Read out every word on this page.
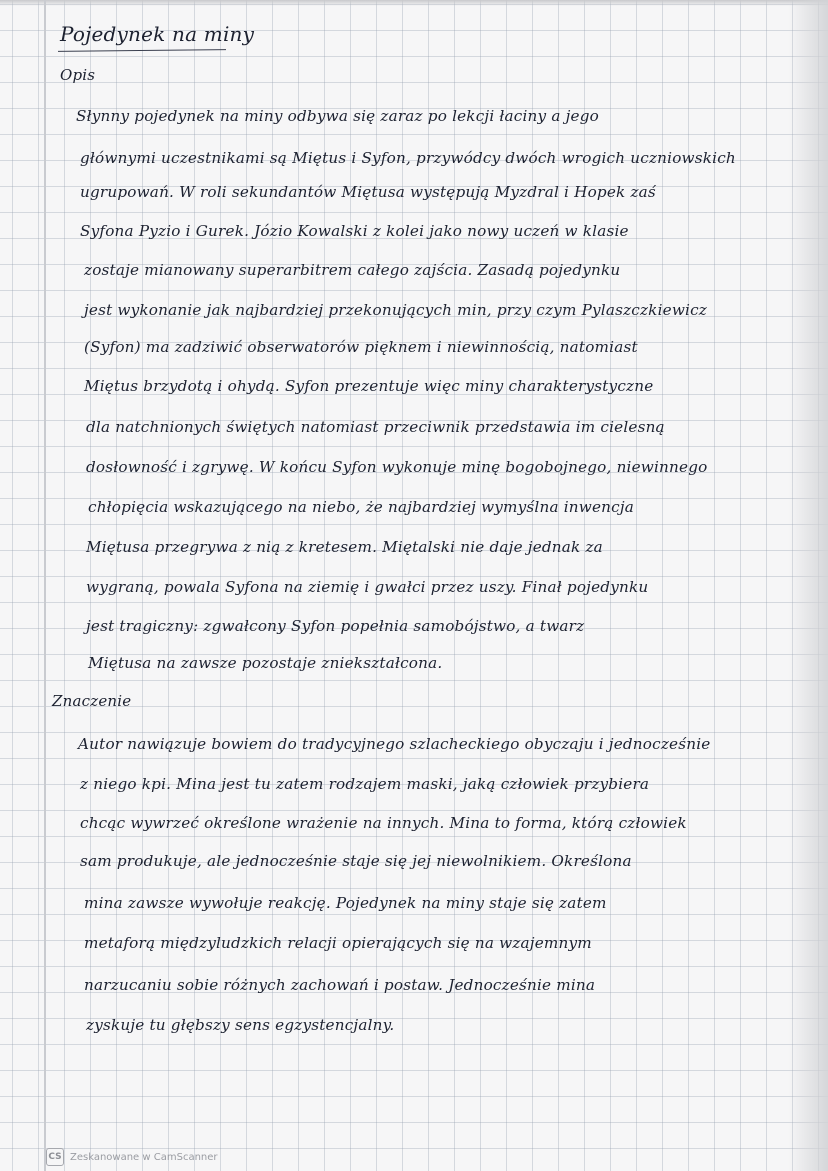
Pojedynek na miny
Opis
Słynny pojedynek na miny odbywa się zaraz po lekcji łaciny a jego
głównymi uczestnikami są Miętus i Syfon, przywódcy dwóch wrogich uczniowskich
ugrupowań. W roli sekundantów Miętusa występują Myzdral i Hopek zaś
Syfona Pyzio i Gurek. Józio Kowalski z kolei jako nowy uczeń w klasie
zostaje mianowany superarbitrem całego zajścia. Zasadą pojedynku
jest wykonanie jak najbardziej przekonujących min, przy czym Pylaszczkiewicz
(Syfon) ma zadziwić obserwatorów pięknem i niewinnością, natomiast
Miętus brzydotą i ohydą. Syfon prezentuje więc miny charakterystyczne
dla natchnionych świętych natomiast przeciwnik przedstawia im cielesną
dosłowność i zgrywę. W końcu Syfon wykonuje minę bogobojnego, niewinnego
chłopięcia wskazującego na niebo, że najbardziej wymyślna inwencja
Miętusa przegrywa z nią z kretesem. Miętalski nie daje jednak za
wygraną, powala Syfona na ziemię i gwałci przez uszy. Finał pojedynku
jest tragiczny: zgwałcony Syfon popełnia samobójstwo, a twarz
Miętusa na zawsze pozostaje zniekształcona.
Znaczenie
Autor nawiązuje bowiem do tradycyjnego szlacheckiego obyczaju i jednocześnie
z niego kpi. Mina jest tu zatem rodzajem maski, jaką człowiek przybiera
chcąc wywrzeć określone wrażenie na innych. Mina to forma, którą człowiek
sam produkuje, ale jednocześnie staje się jej niewolnikiem. Określona
mina zawsze wywołuje reakcję. Pojedynek na miny staje się zatem
metaforą międzyludzkich relacji opierających się na wzajemnym
narzucaniu sobie różnych zachowań i postaw. Jednocześnie mina
zyskuje tu głębszy sens egzystencjalny.
CS Zeskanowane w CamScanner
